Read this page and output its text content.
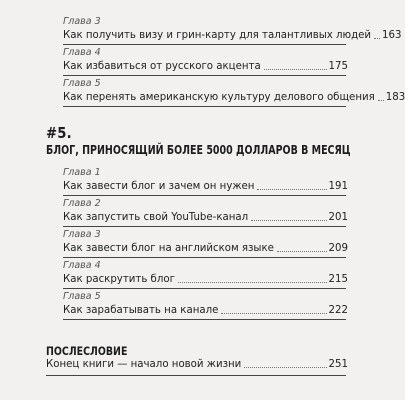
Глава 3
Как получить визу и грин-карту для талантливых людей 163
Глава 4
Как избавиться от русского акцента	175
Глава 5
Как перенять американскую культуру делового общения 183
#5.
БЛОГ, ПРИНОСЯЩИЙ БОЛЕЕ 5000 ДОЛЛАРОВ В МЕСЯЦ
Глава 1
Как завести блог и зачем он нужен	191
Глава 2
Как запустить свой YouTube-канал	201
Глава 3
Как завести блог на английском языке	209
Глава 4
Как раскрутить блог	215
Глава 5
Как зарабатывать на канале	222
ПОСЛЕСЛОВИЕ
Конец книги — начало новой жизни	251
